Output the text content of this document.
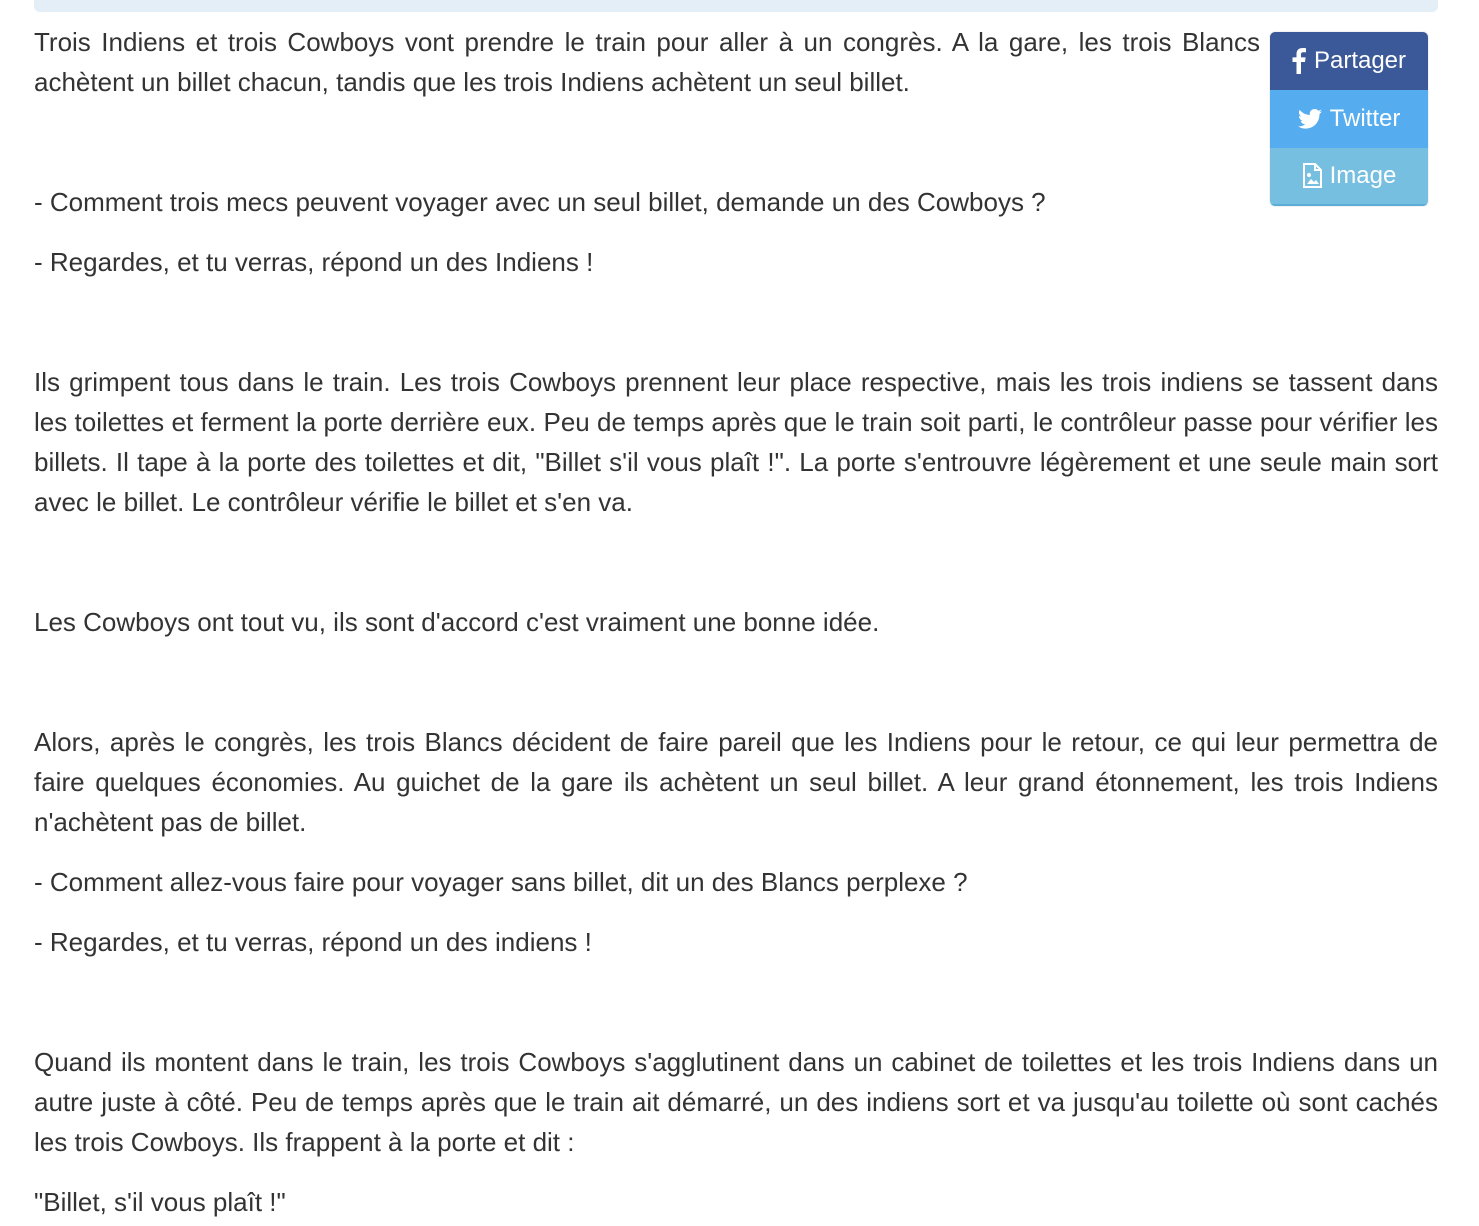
Partager
Twitter
Image

Trois Indiens et trois Cowboys vont prendre le train pour aller à un congrès. A la gare, les trois Blancs achètent un billet chacun, tandis que les trois Indiens achètent un seul billet.

- Comment trois mecs peuvent voyager avec un seul billet, demande un des Cowboys ?

- Regardes, et tu verras, répond un des Indiens !

Ils grimpent tous dans le train. Les trois Cowboys prennent leur place respective, mais les trois indiens se tassent dans les toilettes et ferment la porte derrière eux. Peu de temps après que le train soit parti, le contrôleur passe pour vérifier les billets. Il tape à la porte des toilettes et dit, "Billet s'il vous plaît !". La porte s'entrouvre légèrement et une seule main sort avec le billet. Le contrôleur vérifie le billet et s'en va.

Les Cowboys ont tout vu, ils sont d'accord c'est vraiment une bonne idée.

Alors, après le congrès, les trois Blancs décident de faire pareil que les Indiens pour le retour, ce qui leur permettra de faire quelques économies. Au guichet de la gare ils achètent un seul billet. A leur grand étonnement, les trois Indiens n'achètent pas de billet.

- Comment allez-vous faire pour voyager sans billet, dit un des Blancs perplexe ?

- Regardes, et tu verras, répond un des indiens !

Quand ils montent dans le train, les trois Cowboys s'agglutinent dans un cabinet de toilettes et les trois Indiens dans un autre juste à côté. Peu de temps après que le train ait démarré, un des indiens sort et va jusqu'au toilette où sont cachés les trois Cowboys. Ils frappent à la porte et dit :

"Billet, s'il vous plaît !"
